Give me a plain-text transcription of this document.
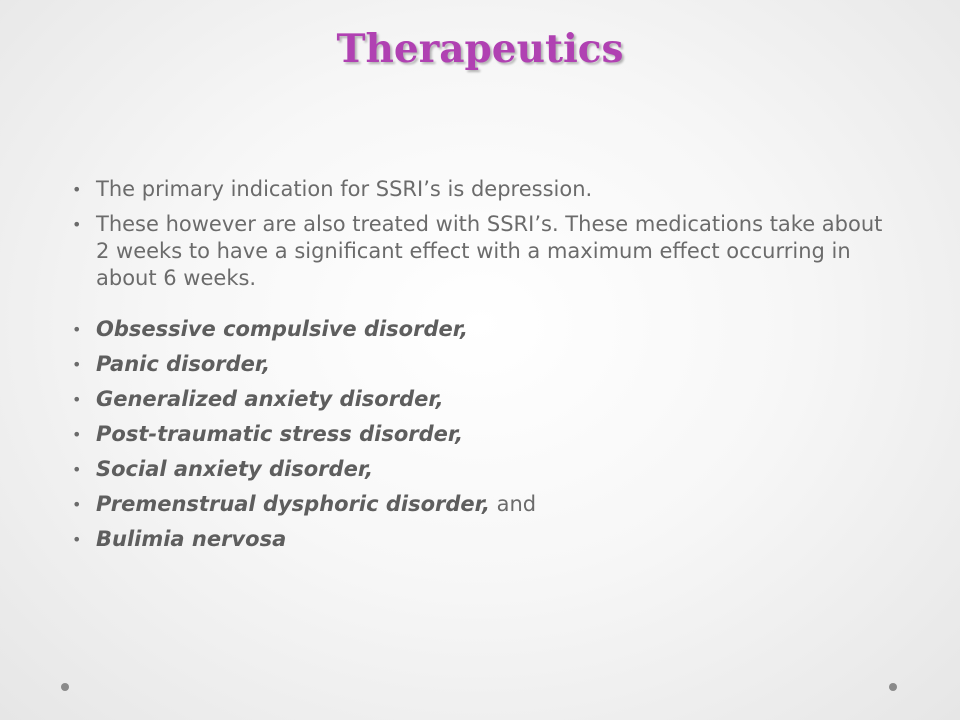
Therapeutics
• The primary indication for SSRI’s is depression.
• These however are also treated with SSRI’s. These medications take about 2 weeks to have a significant effect with a maximum effect occurring in about 6 weeks.
• Obsessive compulsive disorder,
• Panic disorder,
• Generalized anxiety disorder,
• Post-traumatic stress disorder,
• Social anxiety disorder,
• Premenstrual dysphoric disorder, and
• Bulimia nervosa
